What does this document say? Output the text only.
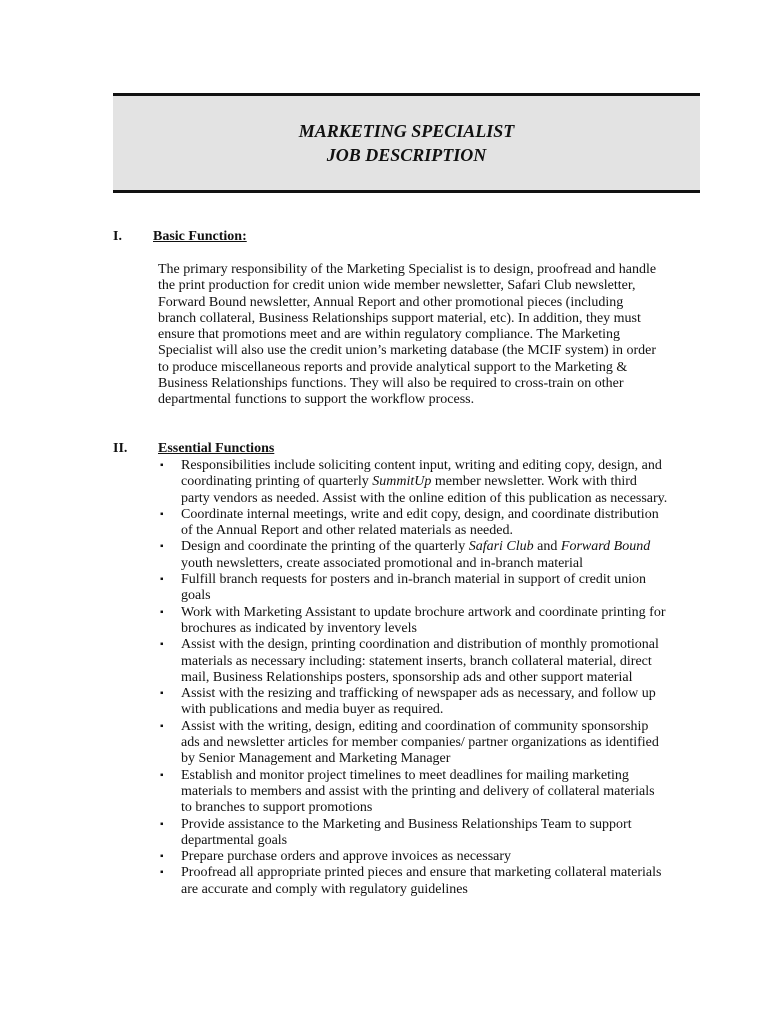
MARKETING SPECIALIST
JOB DESCRIPTION
I. Basic Function:

The primary responsibility of the Marketing Specialist is to design, proofread and handle the print production for credit union wide member newsletter, Safari Club newsletter, Forward Bound newsletter, Annual Report and other promotional pieces (including branch collateral, Business Relationships support material, etc). In addition, they must ensure that promotions meet and are within regulatory compliance. The Marketing Specialist will also use the credit union’s marketing database (the MCIF system) in order to produce miscellaneous reports and provide analytical support to the Marketing & Business Relationships functions. They will also be required to cross-train on other departmental functions to support the workflow process.

II. Essential Functions
▪ Responsibilities include soliciting content input, writing and editing copy, design, and coordinating printing of quarterly SummitUp member newsletter. Work with third party vendors as needed. Assist with the online edition of this publication as necessary.
▪ Coordinate internal meetings, write and edit copy, design, and coordinate distribution of the Annual Report and other related materials as needed.
▪ Design and coordinate the printing of the quarterly Safari Club and Forward Bound youth newsletters, create associated promotional and in-branch material
▪ Fulfill branch requests for posters and in-branch material in support of credit union goals
▪ Work with Marketing Assistant to update brochure artwork and coordinate printing for brochures as indicated by inventory levels
▪ Assist with the design, printing coordination and distribution of monthly promotional materials as necessary including: statement inserts, branch collateral material, direct mail, Business Relationships posters, sponsorship ads and other support material
▪ Assist with the resizing and trafficking of newspaper ads as necessary, and follow up with publications and media buyer as required.
▪ Assist with the writing, design, editing and coordination of community sponsorship ads and newsletter articles for member companies/ partner organizations as identified by Senior Management and Marketing Manager
▪ Establish and monitor project timelines to meet deadlines for mailing marketing materials to members and assist with the printing and delivery of collateral materials to branches to support promotions
▪ Provide assistance to the Marketing and Business Relationships Team to support departmental goals
▪ Prepare purchase orders and approve invoices as necessary
▪ Proofread all appropriate printed pieces and ensure that marketing collateral materials are accurate and comply with regulatory guidelines
